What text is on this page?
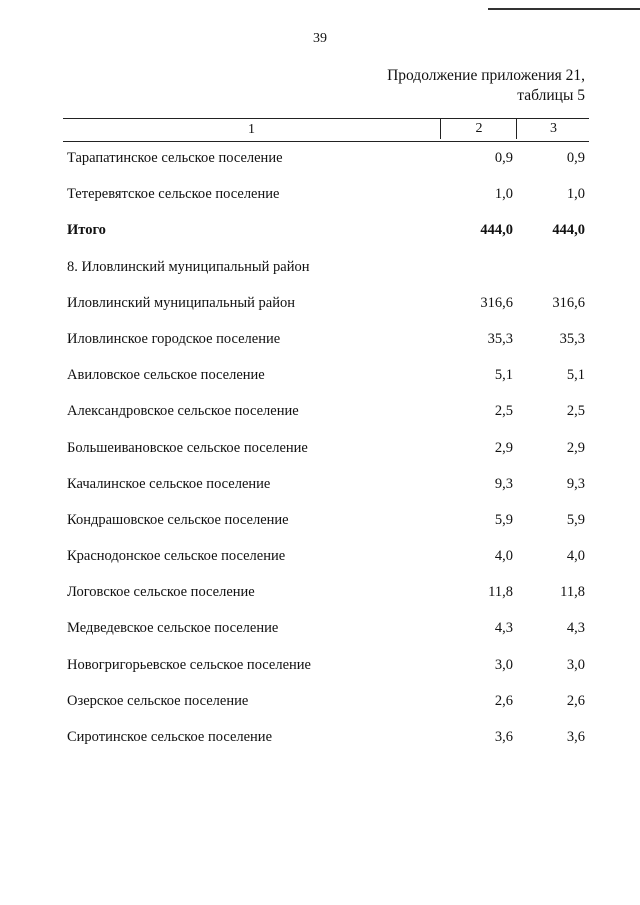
39
Продолжение приложения 21,
таблицы 5
1	2	3
Тарапатинское сельское поселение	0,9	0,9
Тетеревятское сельское поселение	1,0	1,0
Итого	444,0	444,0
8. Иловлинский муниципальный район
Иловлинский муниципальный район	316,6	316,6
Иловлинское городское поселение	35,3	35,3
Авиловское сельское поселение	5,1	5,1
Александровское сельское поселение	2,5	2,5
Большеивановское сельское поселение	2,9	2,9
Качалинское сельское поселение	9,3	9,3
Кондрашовское сельское поселение	5,9	5,9
Краснодонское сельское поселение	4,0	4,0
Логовское сельское поселение	11,8	11,8
Медведевское сельское поселение	4,3	4,3
Новогригорьевское сельское поселение	3,0	3,0
Озерское сельское поселение	2,6	2,6
Сиротинское сельское поселение	3,6	3,6
